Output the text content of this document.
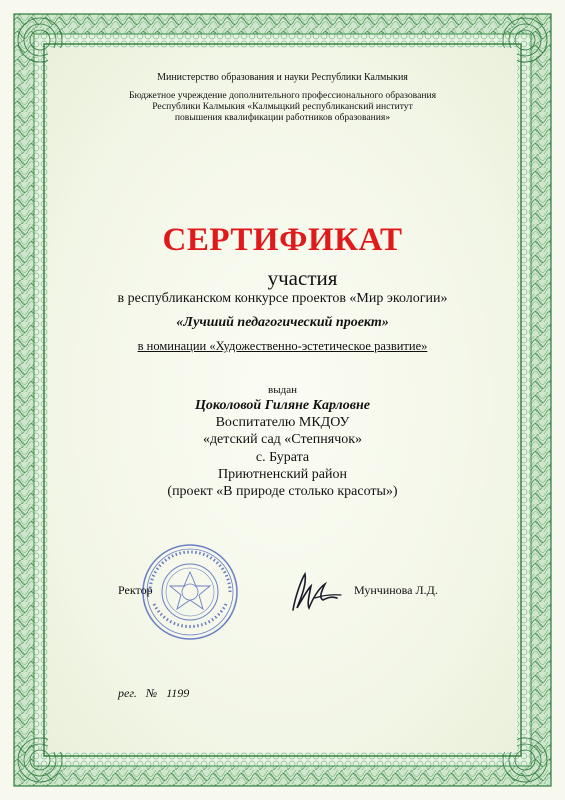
Министерство образования и науки Республики Калмыкия
Бюджетное учреждение дополнительного профессионального образования
Республики Калмыкия «Калмыцкий республиканский институт
повышения квалификации работников образования»
СЕРТИФИКАТ
участия
в республиканском конкурсе проектов «Мир экологии»
«Лучший педагогический проект»
в номинации «Художественно-эстетическое развитие»
выдан
Цоколовой Гиляне Карловне
Воспитателю МКДОУ
«детский сад «Степнячок»
с. Бурата
Приютненский район
(проект «В природе столько красоты»)
Ректор	Мунчинова Л.Д.
рег. № 1199
